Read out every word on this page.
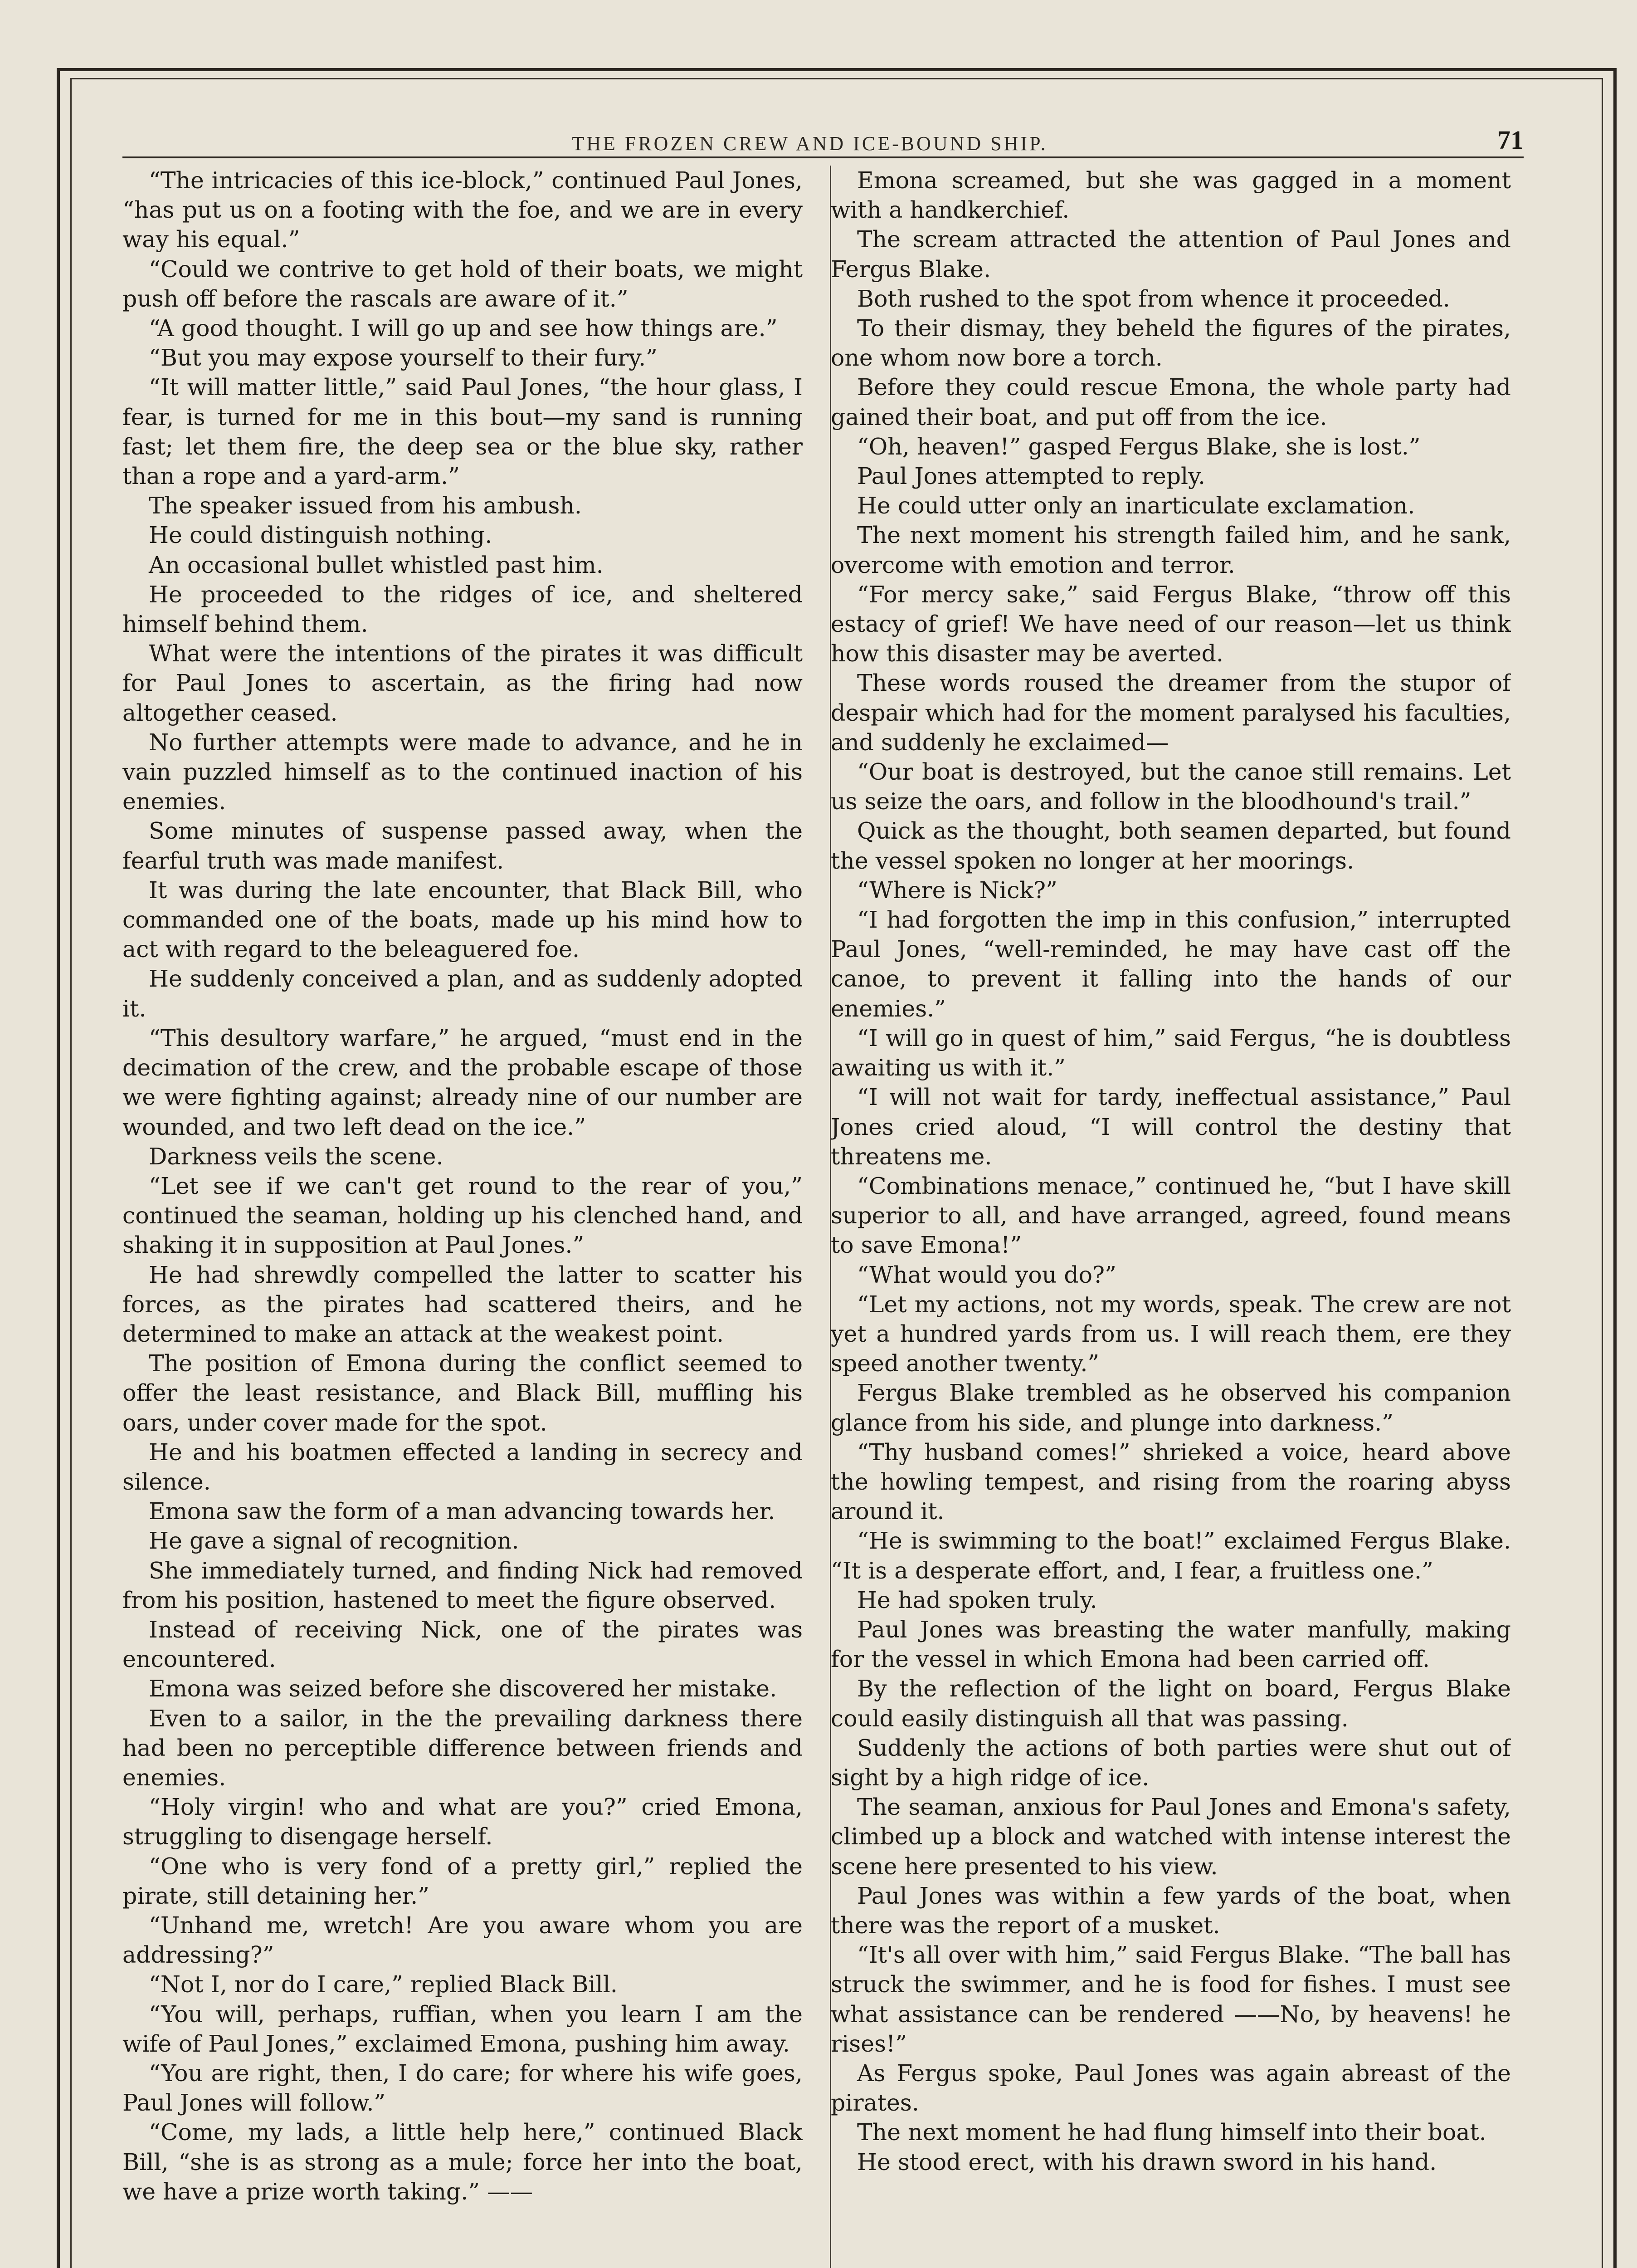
THE FROZEN CREW AND ICE-BOUND SHIP.	71

“The intricacies of this ice-block,” continued Paul Jones, “has put us on a footing with the foe, and we are in every way his equal.”

“Could we contrive to get hold of their boats, we might push off before the rascals are aware of it.”

“A good thought. I will go up and see how things are.”

“But you may expose yourself to their fury.”

“It will matter little,” said Paul Jones, “the hour glass, I fear, is turned for me in this bout—my sand is running fast; let them fire, the deep sea or the blue sky, rather than a rope and a yard-arm.”

The speaker issued from his ambush.

He could distinguish nothing.

An occasional bullet whistled past him.

He proceeded to the ridges of ice, and sheltered himself behind them.

What were the intentions of the pirates it was difficult for Paul Jones to ascertain, as the firing had now altogether ceased.

No further attempts were made to advance, and he in vain puzzled himself as to the continued inaction of his enemies.

Some minutes of suspense passed away, when the fearful truth was made manifest.

It was during the late encounter, that Black Bill, who commanded one of the boats, made up his mind how to act with regard to the beleaguered foe.

He suddenly conceived a plan, and as suddenly adopted it.

“This desultory warfare,” he argued, “must end in the decimation of the crew, and the probable escape of those we were fighting against; already nine of our number are wounded, and two left dead on the ice.”

Darkness veils the scene.

“Let see if we can't get round to the rear of you,” continued the seaman, holding up his clenched hand, and shaking it in supposition at Paul Jones.”

He had shrewdly compelled the latter to scatter his forces, as the pirates had scattered theirs, and he determined to make an attack at the weakest point.

The position of Emona during the conflict seemed to offer the least resistance, and Black Bill, muffling his oars, under cover made for the spot.

He and his boatmen effected a landing in secrecy and silence.

Emona saw the form of a man advancing towards her.

He gave a signal of recognition.

She immediately turned, and finding Nick had removed from his position, hastened to meet the figure observed.

Instead of receiving Nick, one of the pirates was encountered.

Emona was seized before she discovered her mistake.

Even to a sailor, in the the prevailing darkness there had been no perceptible difference between friends and enemies.

“Holy virgin! who and what are you?” cried Emona, struggling to disengage herself.

“One who is very fond of a pretty girl,” replied the pirate, still detaining her.”

“Unhand me, wretch! Are you aware whom you are addressing?”

“Not I, nor do I care,” replied Black Bill.

“You will, perhaps, ruffian, when you learn I am the wife of Paul Jones,” exclaimed Emona, pushing him away.

“You are right, then, I do care; for where his wife goes, Paul Jones will follow.”

“Come, my lads, a little help here,” continued Black Bill, “she is as strong as a mule; force her into the boat, we have a prize worth taking.” ——

Emona screamed, but she was gagged in a moment with a handkerchief.

The scream attracted the attention of Paul Jones and Fergus Blake.

Both rushed to the spot from whence it proceeded.

To their dismay, they beheld the figures of the pirates, one whom now bore a torch.

Before they could rescue Emona, the whole party had gained their boat, and put off from the ice.

“Oh, heaven!” gasped Fergus Blake, she is lost.”

Paul Jones attempted to reply.

He could utter only an inarticulate exclamation.

The next moment his strength failed him, and he sank, overcome with emotion and terror.

“For mercy sake,” said Fergus Blake, “throw off this estacy of grief! We have need of our reason—let us think how this disaster may be averted.

These words roused the dreamer from the stupor of despair which had for the moment paralysed his faculties, and suddenly he exclaimed—

“Our boat is destroyed, but the canoe still remains. Let us seize the oars, and follow in the bloodhound's trail.”

Quick as the thought, both seamen departed, but found the vessel spoken no longer at her moorings.

“Where is Nick?”

“I had forgotten the imp in this confusion,” interrupted Paul Jones, “well-reminded, he may have cast off the canoe, to prevent it falling into the hands of our enemies.”

“I will go in quest of him,” said Fergus, “he is doubtless awaiting us with it.”

“I will not wait for tardy, ineffectual assistance,” Paul Jones cried aloud, “I will control the destiny that threatens me.

“Combinations menace,” continued he, “but I have skill superior to all, and have arranged, agreed, found means to save Emona!”

“What would you do?”

“Let my actions, not my words, speak. The crew are not yet a hundred yards from us. I will reach them, ere they speed another twenty.”

Fergus Blake trembled as he observed his companion glance from his side, and plunge into darkness.”

“Thy husband comes!” shrieked a voice, heard above the howling tempest, and rising from the roaring abyss around it.

“He is swimming to the boat!” exclaimed Fergus Blake. “It is a desperate effort, and, I fear, a fruitless one.”

He had spoken truly.

Paul Jones was breasting the water manfully, making for the vessel in which Emona had been carried off.

By the reflection of the light on board, Fergus Blake could easily distinguish all that was passing.

Suddenly the actions of both parties were shut out of sight by a high ridge of ice.

The seaman, anxious for Paul Jones and Emona's safety, climbed up a block and watched with intense interest the scene here presented to his view.

Paul Jones was within a few yards of the boat, when there was the report of a musket.

“It's all over with him,” said Fergus Blake. “The ball has struck the swimmer, and he is food for fishes. I must see what assistance can be rendered ——No, by heavens! he rises!”

As Fergus spoke, Paul Jones was again abreast of the pirates.

The next moment he had flung himself into their boat.

He stood erect, with his drawn sword in his hand.
